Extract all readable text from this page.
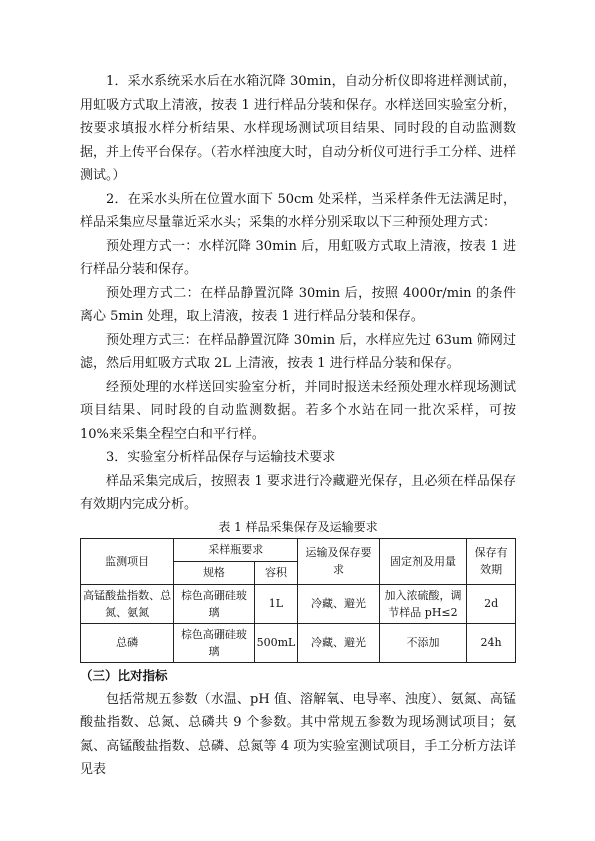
1．采水系统采水后在水箱沉降 30min，自动分析仪即将进样测试前，用虹吸方式取上清液，按表 1 进行样品分装和保存。水样送回实验室分析，按要求填报水样分析结果、水样现场测试项目结果、同时段的自动监测数据，并上传平台保存。（若水样浊度大时，自动分析仪可进行手工分样、进样测试。）

2．在采水头所在位置水面下 50cm 处采样，当采样条件无法满足时，样品采集应尽量靠近采水头；采集的水样分别采取以下三种预处理方式：

预处理方式一：水样沉降 30min 后，用虹吸方式取上清液，按表 1 进行样品分装和保存。

预处理方式二：在样品静置沉降 30min 后，按照 4000r/min 的条件离心 5min 处理，取上清液，按表 1 进行样品分装和保存。

预处理方式三：在样品静置沉降 30min 后，水样应先过 63um 筛网过滤，然后用虹吸方式取 2L 上清液，按表 1 进行样品分装和保存。

经预处理的水样送回实验室分析，并同时报送未经预处理水样现场测试项目结果、同时段的自动监测数据。若多个水站在同一批次采样，可按 10%来采集全程空白和平行样。

3．实验室分析样品保存与运输技术要求

样品采集完成后，按照表 1 要求进行冷藏避光保存，且必须在样品保存有效期内完成分析。

表 1 样品采集保存及运输要求
监测项目	采样瓶要求		运输及保存要求	固定剂及用量	保存有效期
	规格	容积			
高锰酸盐指数、总氮、氨氮	棕色高硼硅玻璃	1L	冷藏、避光	加入浓硫酸，调节样品 pH≤2	2d
总磷	棕色高硼硅玻璃	500mL	冷藏、避光	不添加	24h
（三）比对指标

包括常规五参数（水温、pH 值、溶解氧、电导率、浊度）、氨氮、高锰酸盐指数、总氮、总磷共 9 个参数。其中常规五参数为现场测试项目；氨氮、高锰酸盐指数、总磷、总氮等 4 项为实验室测试项目，手工分析方法详见表
